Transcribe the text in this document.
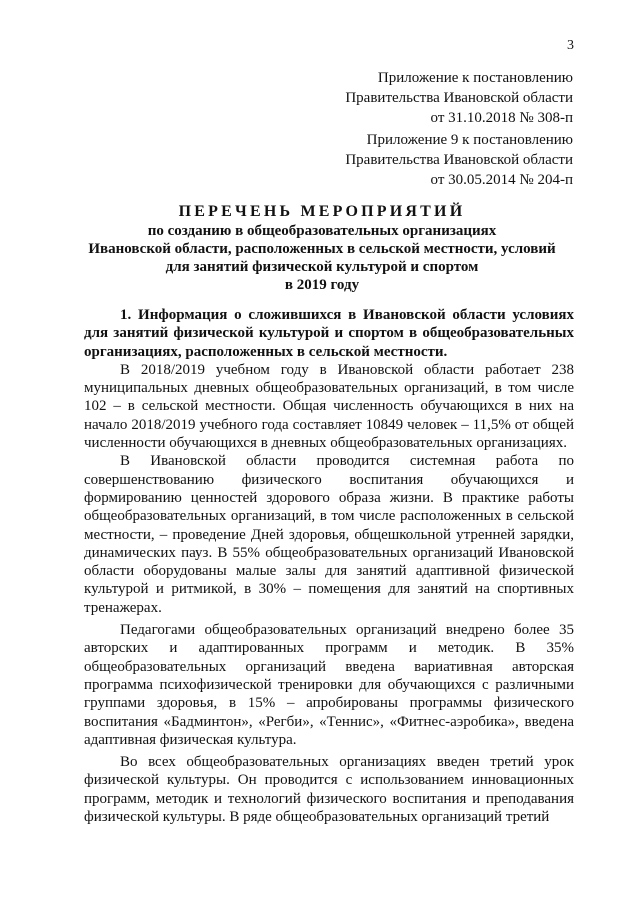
3
Приложение к постановлению
Правительства Ивановской области
от 31.10.2018 № 308-п
Приложение 9 к постановлению
Правительства Ивановской области
от 30.05.2014 № 204-п
ПЕРЕЧЕНЬ МЕРОПРИЯТИЙ
по созданию в общеобразовательных организациях
Ивановской области, расположенных в сельской местности, условий
для занятий физической культурой и спортом
в 2019 году

1. Информация о сложившихся в Ивановской области условиях для занятий физической культурой и спортом в общеобразовательных организациях, расположенных в сельской местности.

В 2018/2019 учебном году в Ивановской области работает 238 муниципальных дневных общеобразовательных организаций, в том числе 102 – в сельской местности. Общая численность обучающихся в них на начало 2018/2019 учебного года составляет 10849 человек – 11,5% от общей численности обучающихся в дневных общеобразовательных организациях.

В Ивановской области проводится системная работа по совершенствованию физического воспитания обучающихся и формированию ценностей здорового образа жизни. В практике работы общеобразовательных организаций, в том числе расположенных в сельской местности, – проведение Дней здоровья, общешкольной утренней зарядки, динамических пауз. В 55% общеобразовательных организаций Ивановской области оборудованы малые залы для занятий адаптивной физической культурой и ритмикой, в 30% – помещения для занятий на спортивных тренажерах.

Педагогами общеобразовательных организаций внедрено более 35 авторских и адаптированных программ и методик. В 35% общеобразовательных организаций введена вариативная авторская программа психофизической тренировки для обучающихся с различными группами здоровья, в 15% – апробированы программы физического воспитания «Бадминтон», «Регби», «Теннис», «Фитнес-аэробика», введена адаптивная физическая культура.

Во всех общеобразовательных организациях введен третий урок физической культуры. Он проводится с использованием инновационных программ, методик и технологий физического воспитания и преподавания физической культуры. В ряде общеобразовательных организаций третий
